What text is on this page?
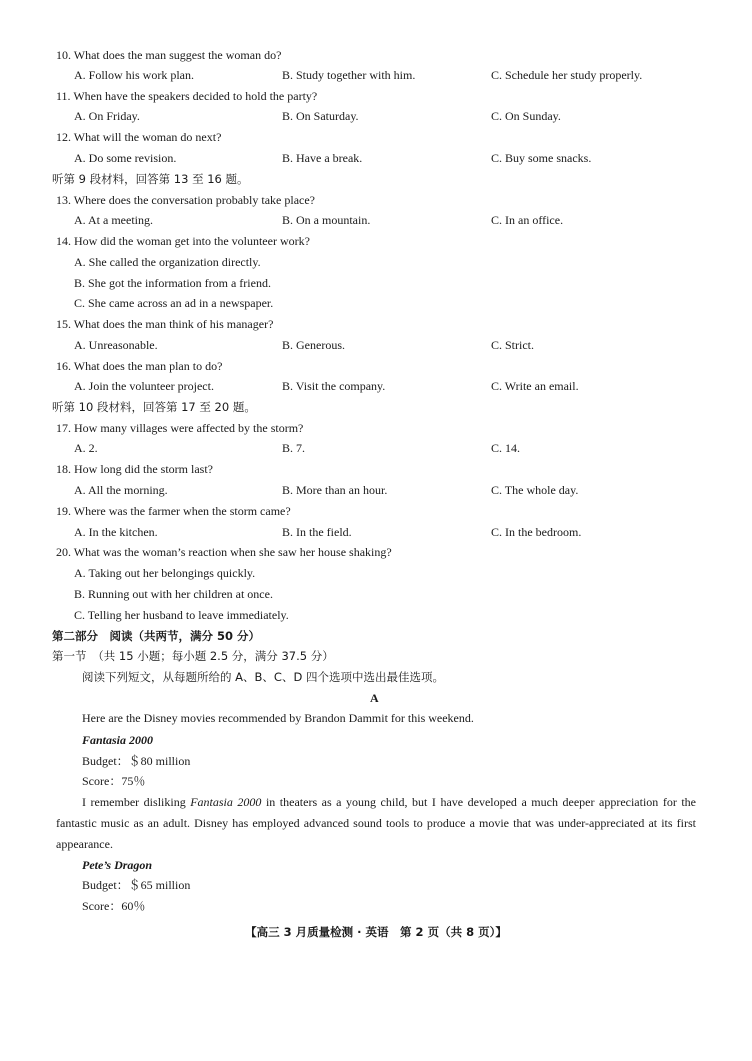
10. What does the man suggest the woman do?
A. Follow his work plan.	B. Study together with him.	C. Schedule her study properly.
11. When have the speakers decided to hold the party?
A. On Friday.	B. On Saturday.	C. On Sunday.
12. What will the woman do next?
A. Do some revision.	B. Have a break.	C. Buy some snacks.
听第 9 段材料，回答第 13 至 16 题。
13. Where does the conversation probably take place?
A. At a meeting.	B. On a mountain.	C. In an office.
14. How did the woman get into the volunteer work?
A. She called the organization directly.
B. She got the information from a friend.
C. She came across an ad in a newspaper.
15. What does the man think of his manager?
A. Unreasonable.	B. Generous.	C. Strict.
16. What does the man plan to do?
A. Join the volunteer project.	B. Visit the company.	C. Write an email.
听第 10 段材料，回答第 17 至 20 题。
17. How many villages were affected by the storm?
A. 2.	B. 7.	C. 14.
18. How long did the storm last?
A. All the morning.	B. More than an hour.	C. The whole day.
19. Where was the farmer when the storm came?
A. In the kitchen.	B. In the field.	C. In the bedroom.
20. What was the woman’s reaction when she saw her house shaking?
A. Taking out her belongings quickly.
B. Running out with her children at once.
C. Telling her husband to leave immediately.
第二部分　阅读（共两节，满分 50 分）
第一节　（共 15 小题；每小题 2.5 分，满分 37.5 分）
阅读下列短文，从每题所给的 A、B、C、D 四个选项中选出最佳选项。
A
Here are the Disney movies recommended by Brandon Dammit for this weekend.
Fantasia 2000
Budget：＄80 million
Score：75％
I remember disliking Fantasia 2000 in theaters as a young child, but I have developed a much deeper appreciation for the fantastic music as an adult. Disney has employed advanced sound tools to produce a movie that was under-appreciated at its first appearance.
Pete’s Dragon
Budget：＄65 million
Score：60％
【高三 3 月质量检测 · 英语　第 2 页（共 8 页）】
